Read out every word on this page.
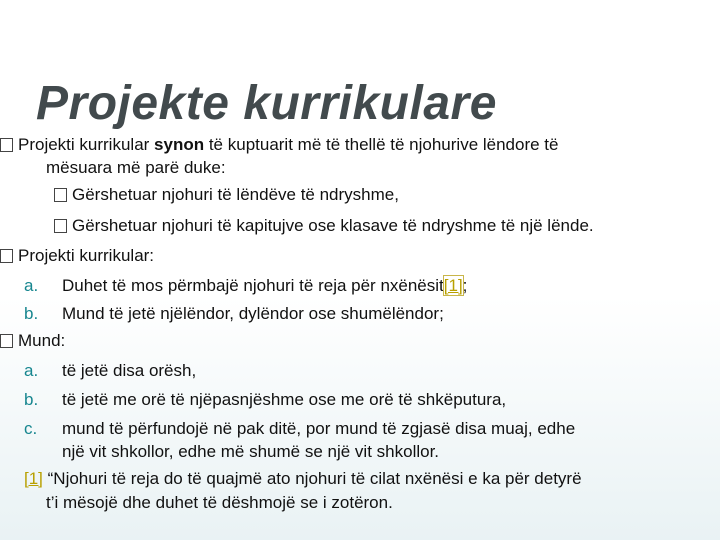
Projekte kurrikulare
Projekti kurrikular synon të kuptuarit më të thellë të njohurive lëndore të
mësuara më parë duke:
Gërshetuar njohuri të lëndëve të ndryshme,
Gërshetuar njohuri të kapitujve ose klasave të ndryshme të një lënde.
Projekti kurrikular:
a. Duhet të mos përmbajë njohuri të reja për nxënësit[1];
b. Mund të jetë njëlëndor, dylëndor ose shumëlëndor;
Mund:
a. të jetë disa orësh,
b. të jetë me orë të njëpasnjëshme ose me orë të shkëputura,
c. mund të përfundojë në pak ditë, por mund të zgjasë disa muaj, edhe
një vit shkollor, edhe më shumë se një vit shkollor.
[1] “Njohuri të reja do të quajmë ato njohuri të cilat nxënësi e ka për detyrë
t’i mësojë dhe duhet të dëshmojë se i zotëron.
